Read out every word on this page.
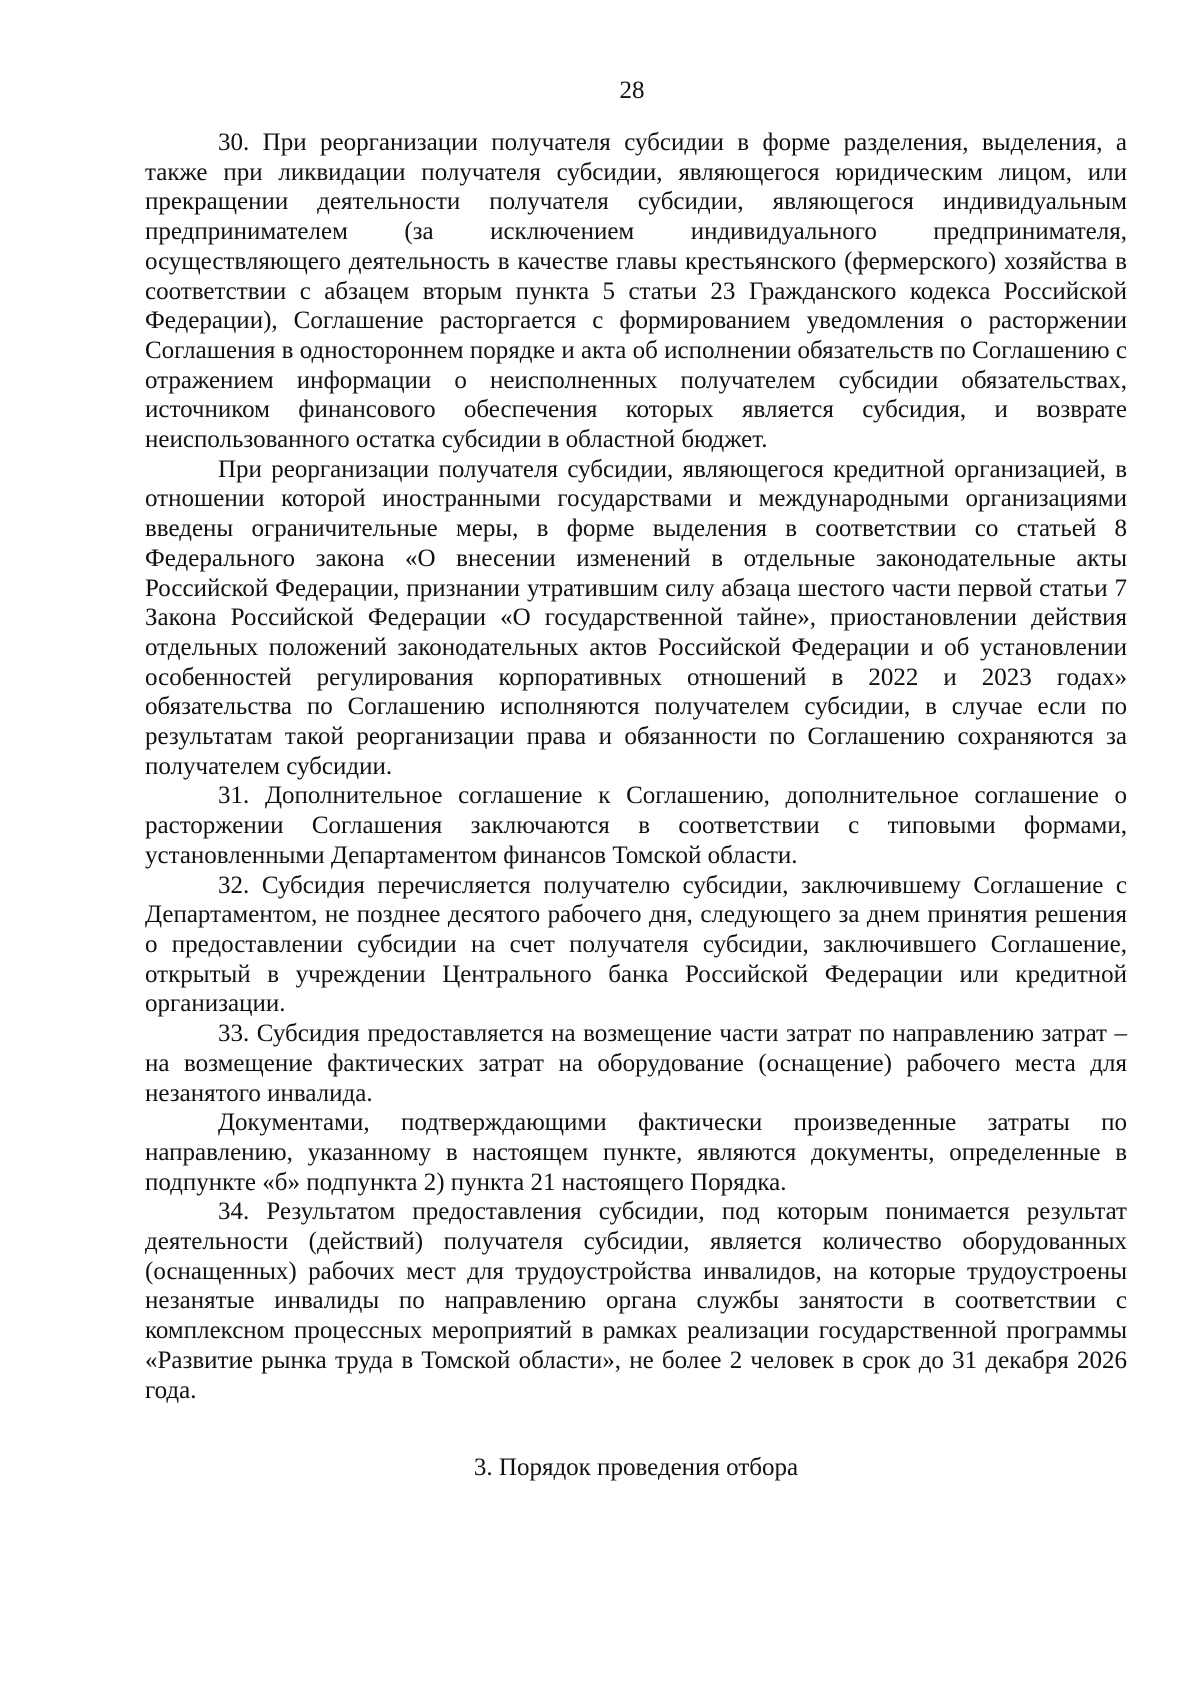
28

30. При реорганизации получателя субсидии в форме разделения, выделения, а также при ликвидации получателя субсидии, являющегося юридическим лицом, или прекращении деятельности получателя субсидии, являющегося индивидуальным предпринимателем (за исключением индивидуального предпринимателя, осуществляющего деятельность в качестве главы крестьянского (фермерского) хозяйства в соответствии с абзацем вторым пункта 5 статьи 23 Гражданского кодекса Российской Федерации), Соглашение расторгается с формированием уведомления о расторжении Соглашения в одностороннем порядке и акта об исполнении обязательств по Соглашению с отражением информации о неисполненных получателем субсидии обязательствах, источником финансового обеспечения которых является субсидия, и возврате неиспользованного остатка субсидии в областной бюджет.

При реорганизации получателя субсидии, являющегося кредитной организацией, в отношении которой иностранными государствами и международными организациями введены ограничительные меры, в форме выделения в соответствии со статьей 8 Федерального закона «О внесении изменений в отдельные законодательные акты Российской Федерации, признании утратившим силу абзаца шестого части первой статьи 7 Закона Российской Федерации «О государственной тайне», приостановлении действия отдельных положений законодательных актов Российской Федерации и об установлении особенностей регулирования корпоративных отношений в 2022 и 2023 годах» обязательства по Соглашению исполняются получателем субсидии, в случае если по результатам такой реорганизации права и обязанности по Соглашению сохраняются за получателем субсидии.

31. Дополнительное соглашение к Соглашению, дополнительное соглашение о расторжении Соглашения заключаются в соответствии с типовыми формами, установленными Департаментом финансов Томской области.

32. Субсидия перечисляется получателю субсидии, заключившему Соглашение с Департаментом, не позднее десятого рабочего дня, следующего за днем принятия решения о предоставлении субсидии на счет получателя субсидии, заключившего Соглашение, открытый в учреждении Центрального банка Российской Федерации или кредитной организации.

33. Субсидия предоставляется на возмещение части затрат по направлению затрат – на возмещение фактических затрат на оборудование (оснащение) рабочего места для незанятого инвалида.

Документами, подтверждающими фактически произведенные затраты по направлению, указанному в настоящем пункте, являются документы, определенные в подпункте «б» подпункта 2) пункта 21 настоящего Порядка.

34. Результатом предоставления субсидии, под которым понимается результат деятельности (действий) получателя субсидии, является количество оборудованных (оснащенных) рабочих мест для трудоустройства инвалидов, на которые трудоустроены незанятые инвалиды по направлению органа службы занятости в соответствии с комплексном процессных мероприятий в рамках реализации государственной программы «Развитие рынка труда в Томской области», не более 2 человек в срок до 31 декабря 2026 года.

3. Порядок проведения отбора
